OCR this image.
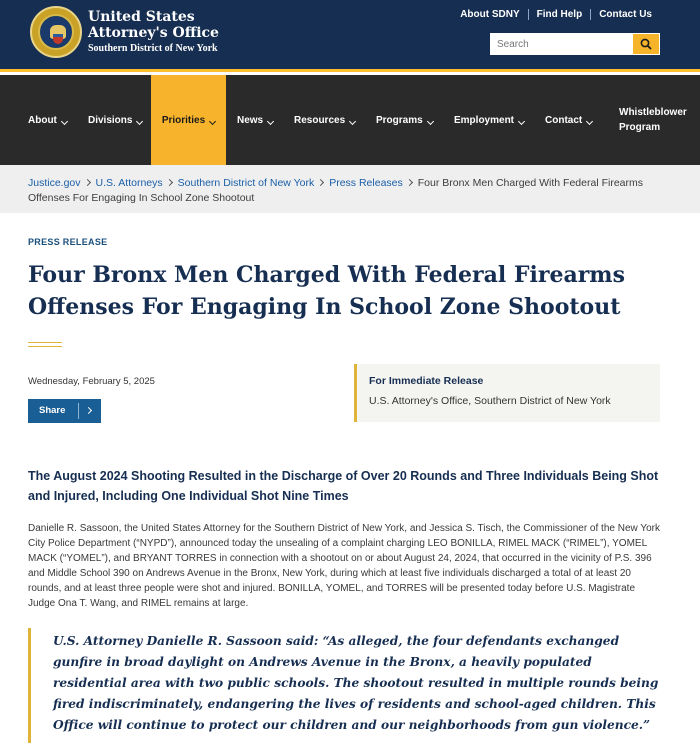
United States
Attorney's Office
Southern District of New York
About SDNY	Find Help	Contact Us
Search
About	Divisions	Priorities	News	Resources	Programs	Employment	Contact
Whistleblower
Program
Justice.gov U.S. Attorneys Southern District of New York Press Releases Four Bronx Men Charged With Federal Firearms Offenses For Engaging In School Zone Shootout
PRESS RELEASE
Four Bronx Men Charged With Federal Firearms Offenses For Engaging In School Zone Shootout
Wednesday, February 5, 2025
Share
For Immediate Release
U.S. Attorney's Office, Southern District of New York
The August 2024 Shooting Resulted in the Discharge of Over 20 Rounds and Three Individuals Being Shot and Injured, Including One Individual Shot Nine Times

Danielle R. Sassoon, the United States Attorney for the Southern District of New York, and Jessica S. Tisch, the Commissioner of the New York City Police Department (“NYPD”), announced today the unsealing of a complaint charging LEO BONILLA, RIMEL MACK (“RIMEL”), YOMEL MACK (“YOMEL”), and BRYANT TORRES in connection with a shootout on or about August 24, 2024, that occurred in the vicinity of P.S. 396 and Middle School 390 on Andrews Avenue in the Bronx, New York, during which at least five individuals discharged a total of at least 20 rounds, and at least three people were shot and injured. BONILLA, YOMEL, and TORRES will be presented today before U.S. Magistrate Judge Ona T. Wang, and RIMEL remains at large.

U.S. Attorney Danielle R. Sassoon said: “As alleged, the four defendants exchanged gunfire in broad daylight on Andrews Avenue in the Bronx, a heavily populated residential area with two public schools. The shootout resulted in multiple rounds being fired indiscriminately, endangering the lives of residents and school-aged children. This Office will continue to protect our children and our neighborhoods from gun violence.”
